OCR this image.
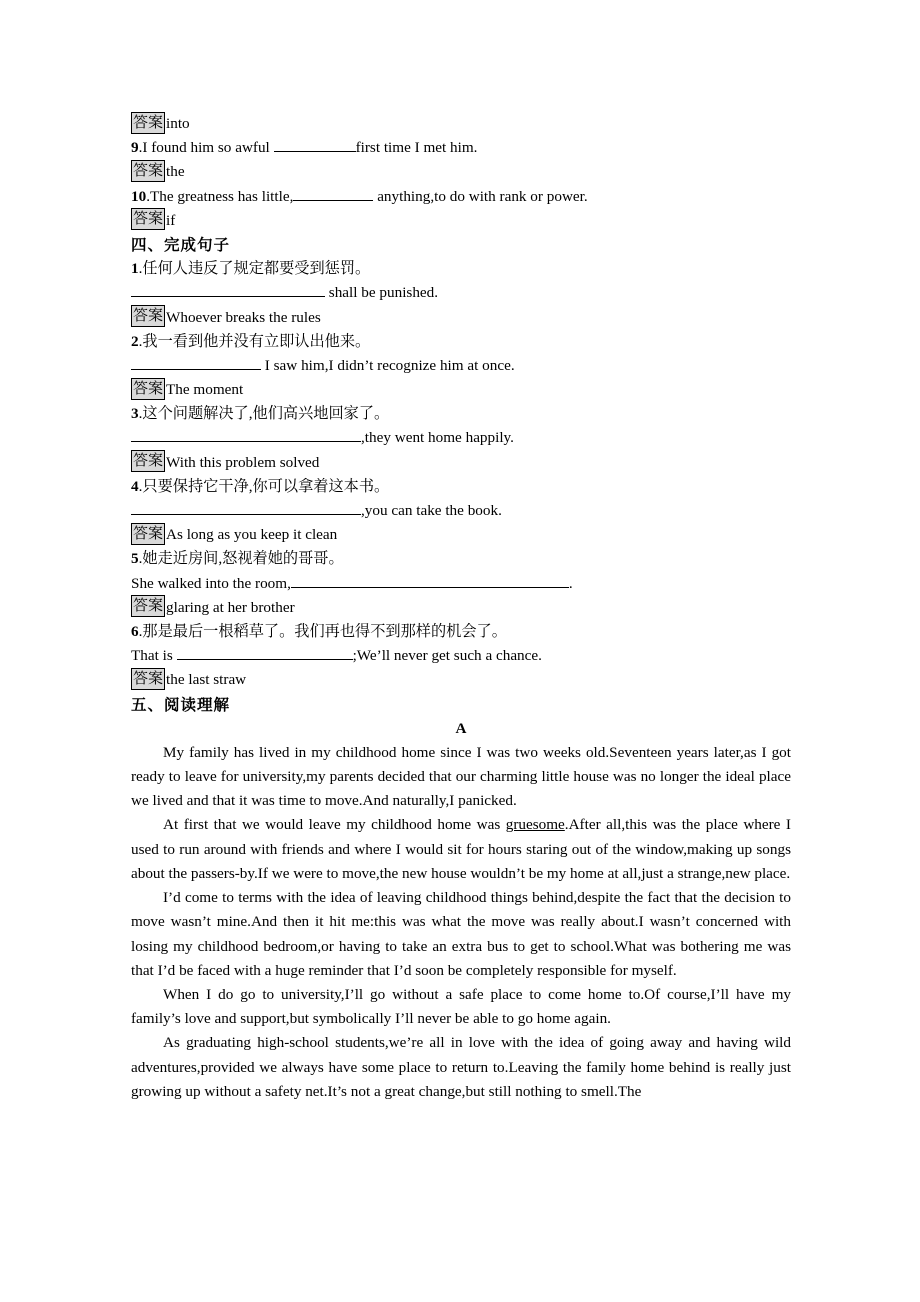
答案 into
9.I found him so awful	first time I met him.
答案 the
10.The greatness has little,	anything,to do with rank or power.
答案 if
四、完成句子
1.任何人违反了规定都要受到惩罚。
shall be punished.
答案 Whoever breaks the rules
2.我一看到他并没有立即认出他来。
I saw him,I didn’t recognize him at once.
答案 The moment
3.这个问题解决了,他们高兴地回家了。
,they went home happily.
答案 With this problem solved
4.只要保持它干净,你可以拿着这本书。
,you can take the book.
答案 As long as you keep it clean
5.她走近房间,怒视着她的哥哥。
She walked into the room,	.
答案 glaring at her brother
6.那是最后一根稻草了。我们再也得不到那样的机会了。
That is	;We’ll never get such a chance.
答案 the last straw
五、阅读理解
A

My family has lived in my childhood home since I was two weeks old.Seventeen years later,as I got ready to leave for university,my parents decided that our charming little house was no longer the ideal place we lived and that it was time to move.And naturally,I panicked.

At first that we would leave my childhood home was gruesome.After all,this was the place where I used to run around with friends and where I would sit for hours staring out of the window,making up songs about the passers-by.If we were to move,the new house wouldn’t be my home at all,just a strange,new place.

I’d come to terms with the idea of leaving childhood things behind,despite the fact that the decision to move wasn’t mine.And then it hit me:this was what the move was really about.I wasn’t concerned with losing my childhood bedroom,or having to take an extra bus to get to school.What was bothering me was that I’d be faced with a huge reminder that I’d soon be completely responsible for myself.

When I do go to university,I’ll go without a safe place to come home to.Of course,I’ll have my family’s love and support,but symbolically I’ll never be able to go home again.

As graduating high-school students,we’re all in love with the idea of going away and having wild adventures,provided we always have some place to return to.Leaving the family home behind is really just growing up without a safety net.It’s not a great change,but still nothing to smell.The
